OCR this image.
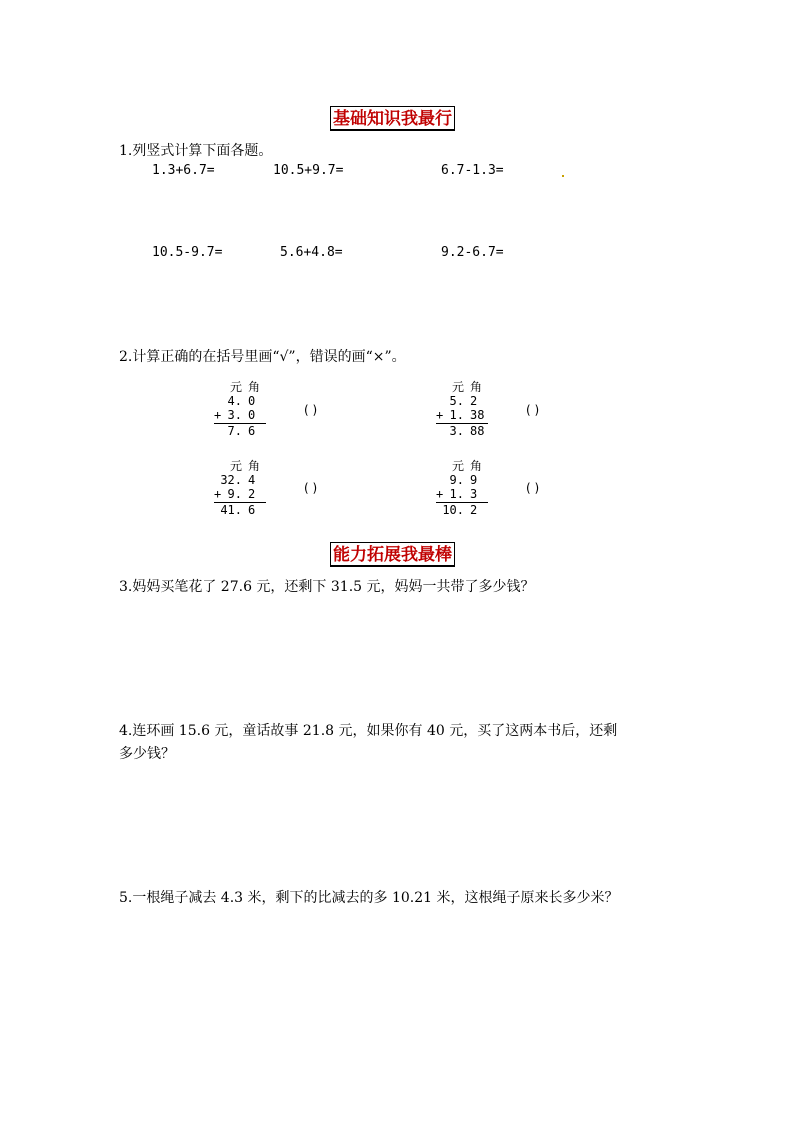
基础知识我最行
1.列竖式计算下面各题。
1.3+6.7=	10.5+9.7=	6.7-1.3=
10.5-9.7=	5.6+4.8=	9.2-6.7=
2.计算正确的在括号里画“√”，错误的画“×”。
元 角
4. 0
+ 3. 0
7. 6
( )
元 角
5. 2
+ 1. 38
3. 88
( )
元 角
32. 4
+ 9. 2
41. 6
( )
元 角
9. 9
+ 1. 3
10. 2
( )
能力拓展我最棒
3.妈妈买笔花了 27.6 元，还剩下 31.5 元，妈妈一共带了多少钱？
4.连环画 15.6 元，童话故事 21.8 元，如果你有 40 元，买了这两本书后，还剩
多少钱？
5.一根绳子减去 4.3 米，剩下的比减去的多 10.21 米，这根绳子原来长多少米？
